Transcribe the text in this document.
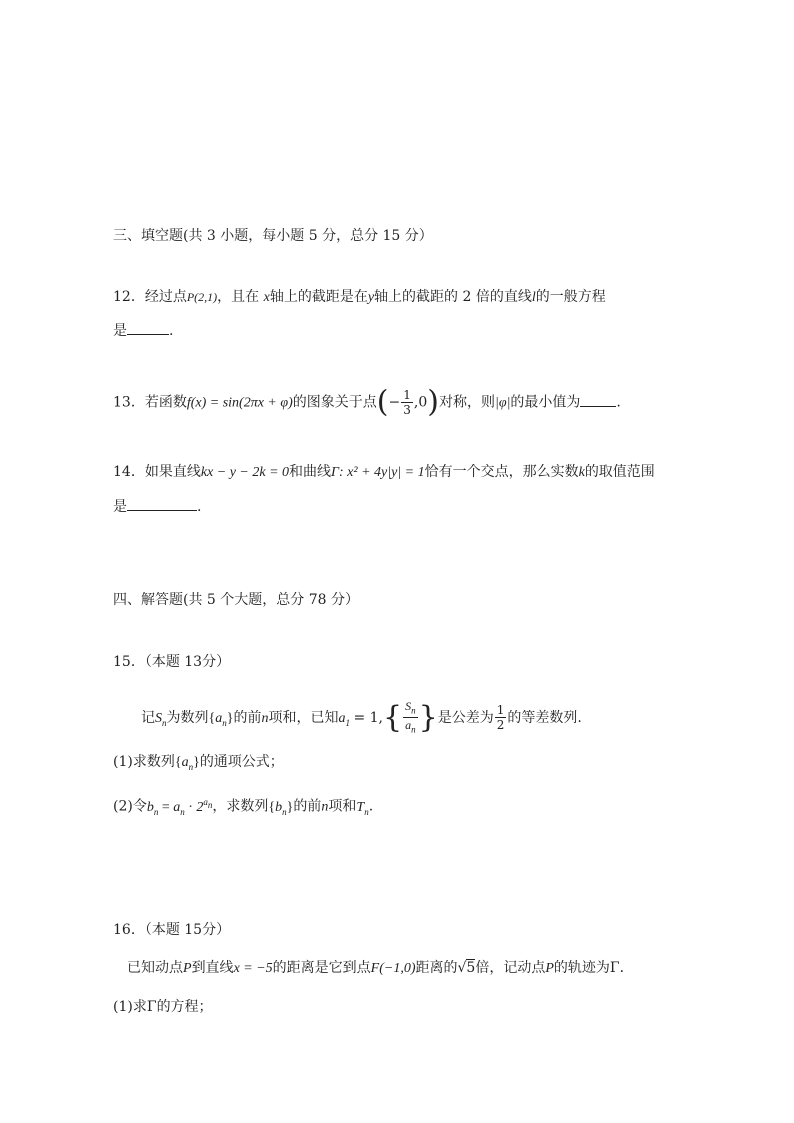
三、填空题(共 3 小题，每小题 5 分，总分 15 分）
12．经过点P(2,1)，且在 x轴上的截距是在y轴上的截距的 2 倍的直线l的一般方程
是	.
13．若函数f(x) = sin(2πx + φ)的图象关于点(− $\frac{1}{3} ,0$)对称，则|φ|的最小值为	.
14．如果直线kx − y − 2k = 0和曲线Γ: x² + 4y|y| = 1恰有一个交点，那么实数k的取值范围
是	.
四、解答题(共 5 个大题，总分 78 分）
15．（本题 13分）
记$S_n$为数列$\{a_n\}$的前n项和，已知$a_1 = 1,\{ \frac{S_n}{a_n}$ }是公差为 $\frac{1}{2}$ 的等差数列.
(1)求数列$\{a_n\}$的通项公式；
(2)令$b_n = a_n \cdot 2^{a_n}$，求数列$\{b_n\}$的前n项和$T_n$.
16．（本题 15分）
已知动点P到直线x = −5的距离是它到点F(−1,0)距离的√5倍，记动点P的轨迹为Γ．
(1)求Γ的方程；
